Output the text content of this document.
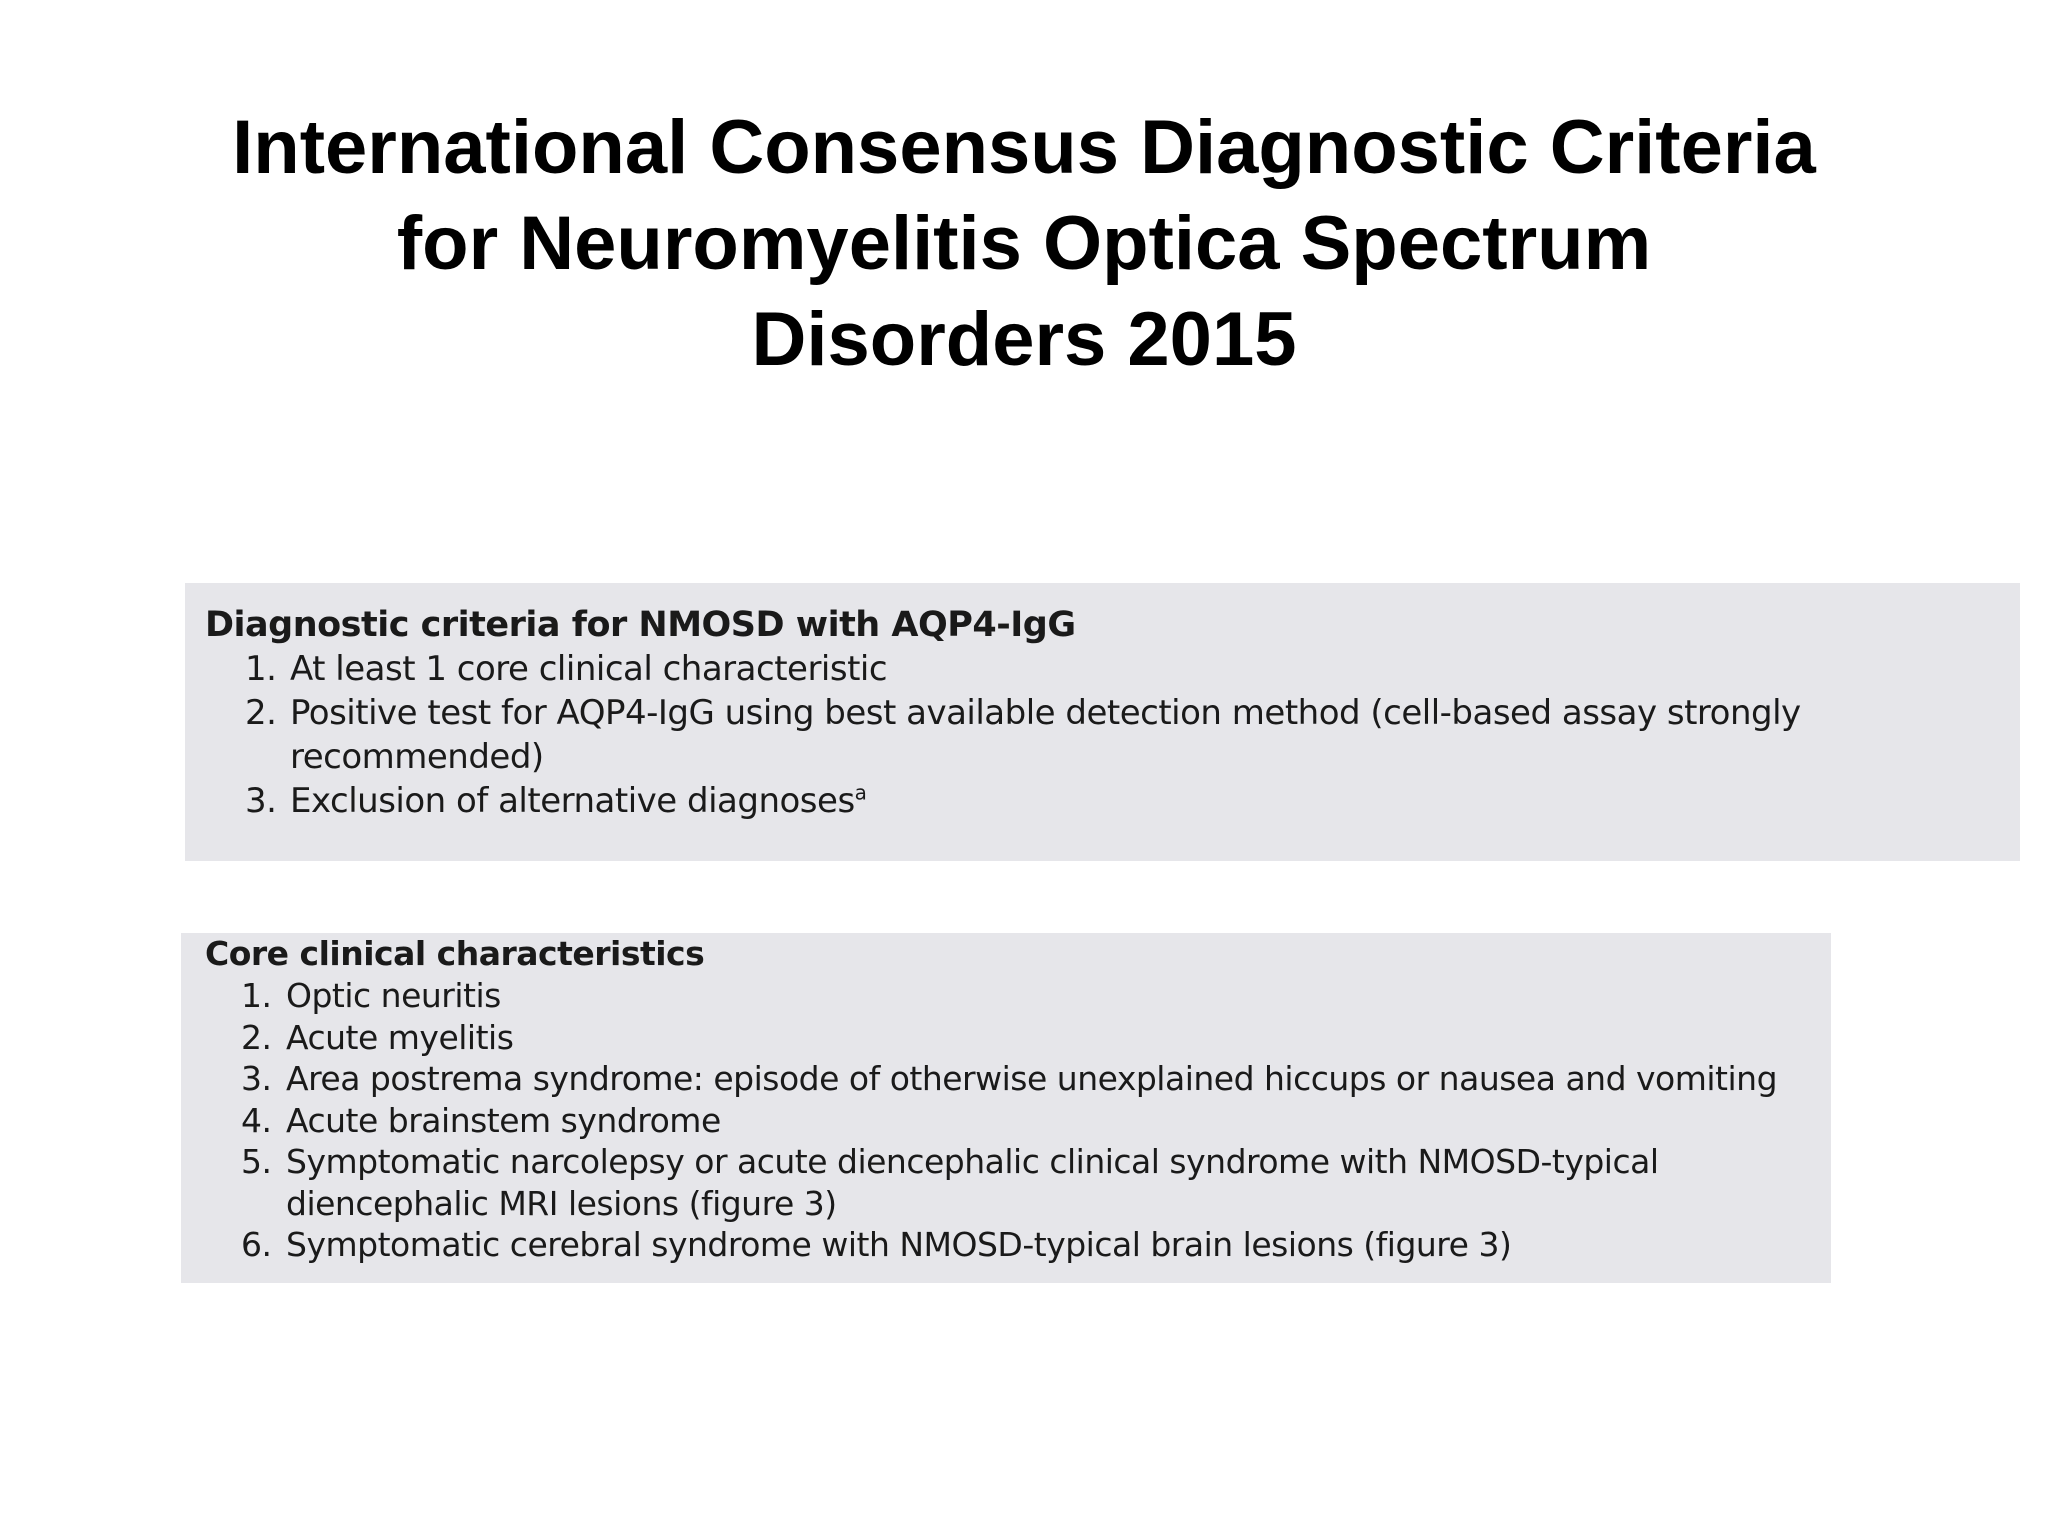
International Consensus Diagnostic Criteria
for Neuromyelitis Optica Spectrum
Disorders 2015

Diagnostic criteria for NMOSD with AQP4-IgG

1. At least 1 core clinical characteristic
2. Positive test for AQP4-IgG using best available detection method (cell-based assay strongly recommended)
3. Exclusion of alternative diagnoses$^a$

Core clinical characteristics

1. Optic neuritis
2. Acute myelitis
3. Area postrema syndrome: episode of otherwise unexplained hiccups or nausea and vomiting
4. Acute brainstem syndrome
5. Symptomatic narcolepsy or acute diencephalic clinical syndrome with NMOSD-typical diencephalic MRI lesions (figure 3)
6. Symptomatic cerebral syndrome with NMOSD-typical brain lesions (figure 3)
